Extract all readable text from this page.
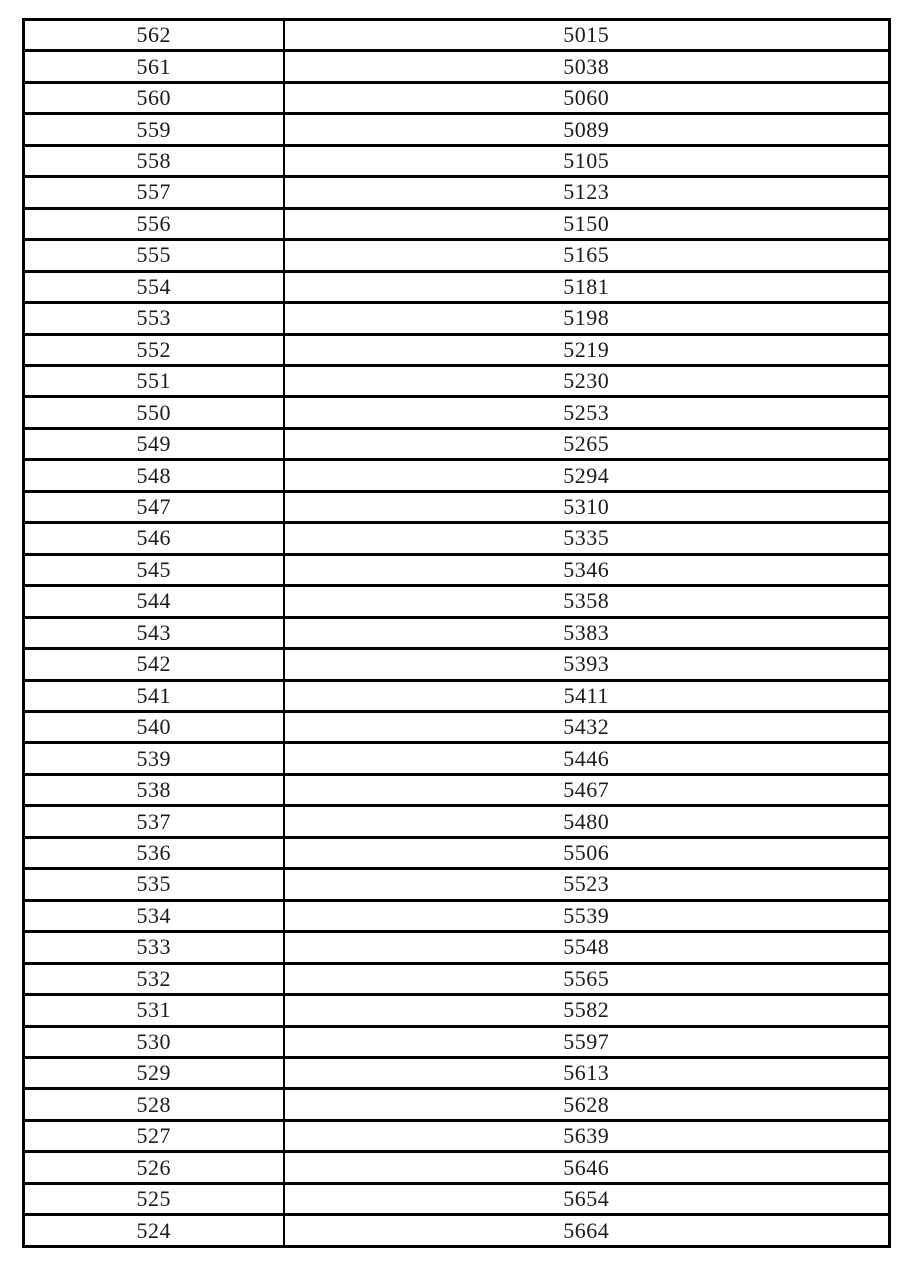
562	5015
561	5038
560	5060
559	5089
558	5105
557	5123
556	5150
555	5165
554	5181
553	5198
552	5219
551	5230
550	5253
549	5265
548	5294
547	5310
546	5335
545	5346
544	5358
543	5383
542	5393
541	5411
540	5432
539	5446
538	5467
537	5480
536	5506
535	5523
534	5539
533	5548
532	5565
531	5582
530	5597
529	5613
528	5628
527	5639
526	5646
525	5654
524	5664
